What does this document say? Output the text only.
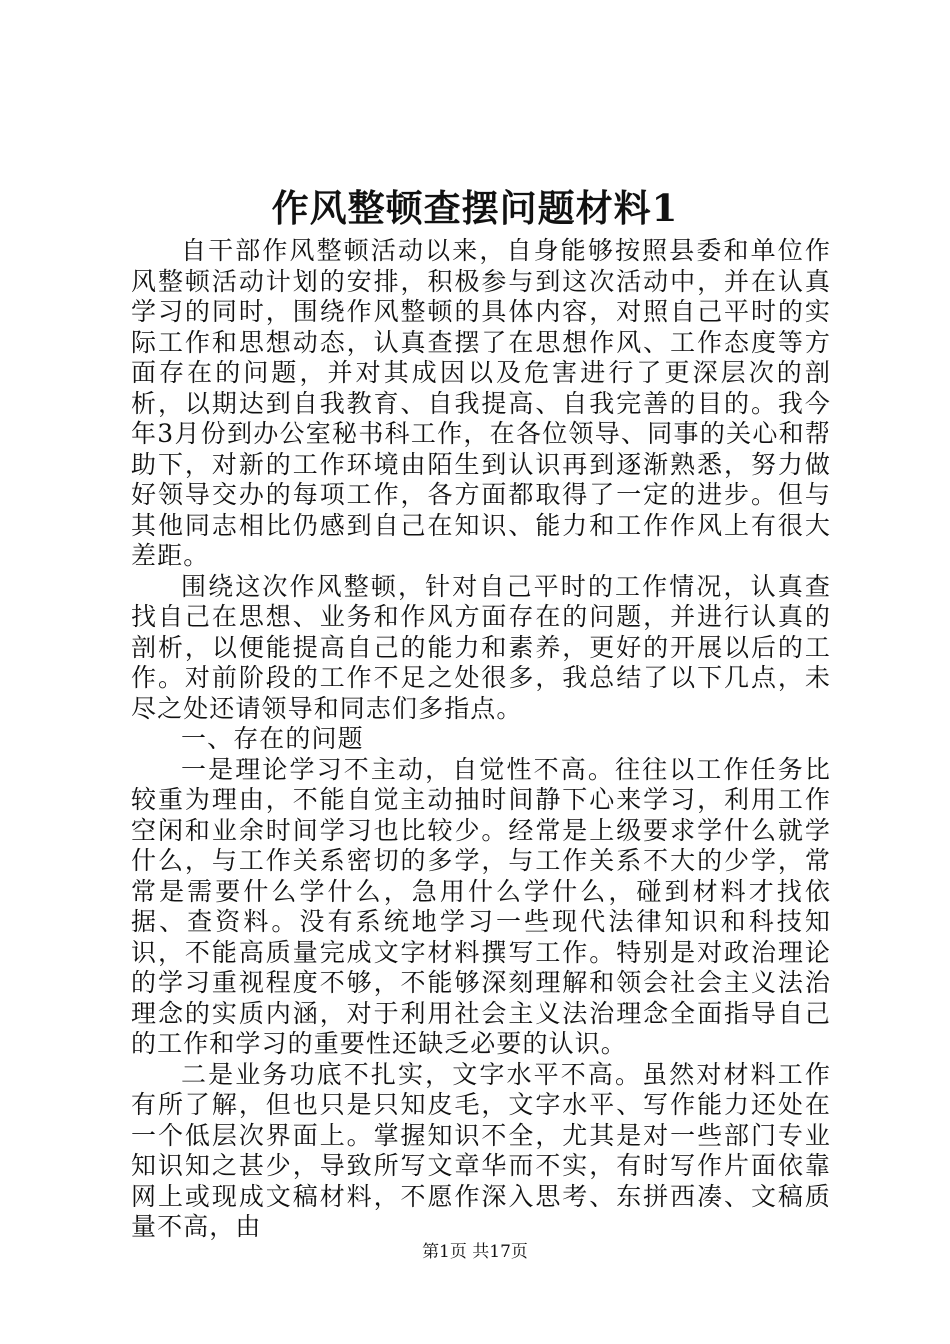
作风整顿查摆问题材料1

自干部作风整顿活动以来，自身能够按照县委和单位作风整顿活动计划的安排，积极参与到这次活动中，并在认真学习的同时，围绕作风整顿的具体内容，对照自己平时的实际工作和思想动态，认真查摆了在思想作风、工作态度等方面存在的问题，并对其成因以及危害进行了更深层次的剖析，以期达到自我教育、自我提高、自我完善的目的。我今年3月份到办公室秘书科工作，在各位领导、同事的关心和帮助下，对新的工作环境由陌生到认识再到逐渐熟悉，努力做好领导交办的每项工作，各方面都取得了一定的进步。但与其他同志相比仍感到自己在知识、能力和工作作风上有很大差距。

围绕这次作风整顿，针对自己平时的工作情况，认真查找自己在思想、业务和作风方面存在的问题，并进行认真的剖析，以便能提高自己的能力和素养，更好的开展以后的工作。对前阶段的工作不足之处很多，我总结了以下几点，未尽之处还请领导和同志们多指点。

一、存在的问题

一是理论学习不主动，自觉性不高。往往以工作任务比较重为理由，不能自觉主动抽时间静下心来学习，利用工作空闲和业余时间学习也比较少。经常是上级要求学什么就学什么，与工作关系密切的多学，与工作关系不大的少学，常常是需要什么学什么，急用什么学什么，碰到材料才找依据、查资料。没有系统地学习一些现代法律知识和科技知识，不能高质量完成文字材料撰写工作。特别是对政治理论的学习重视程度不够，不能够深刻理解和领会社会主义法治理念的实质内涵，对于利用社会主义法治理念全面指导自己的工作和学习的重要性还缺乏必要的认识。

二是业务功底不扎实，文字水平不高。虽然对材料工作有所了解，但也只是只知皮毛，文字水平、写作能力还处在一个低层次界面上。掌握知识不全，尤其是对一些部门专业知识知之甚少，导致所写文章华而不实，有时写作片面依靠网上或现成文稿材料，不愿作深入思考、东拼西凑、文稿质量不高，由

第1页 共17页
